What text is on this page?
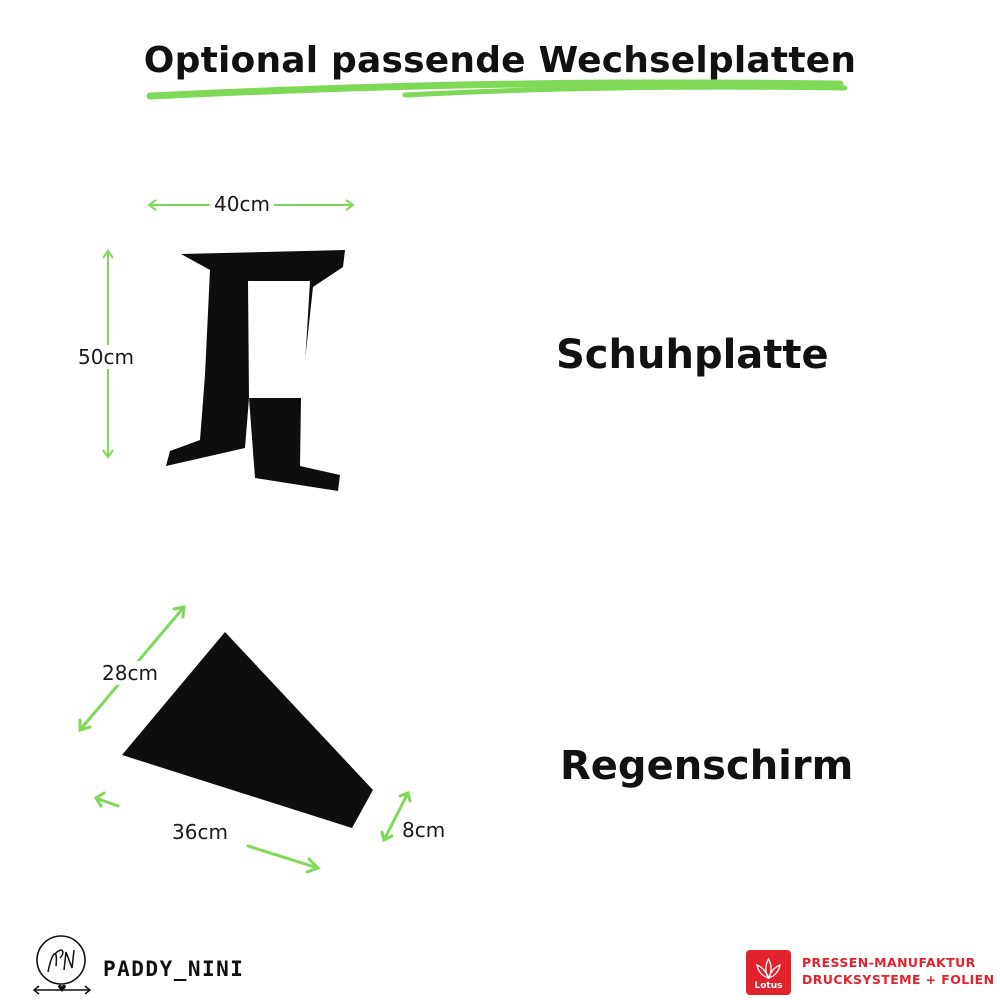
Optional passende Wechselplatten
40cm
50cm	Schuhplatte
28cm
36cm	8cm
Regenschirm
PADDY_NINI
Lotus
PRESSEN-MANUFAKTUR
DRUCKSYSTEME + FOLIEN
